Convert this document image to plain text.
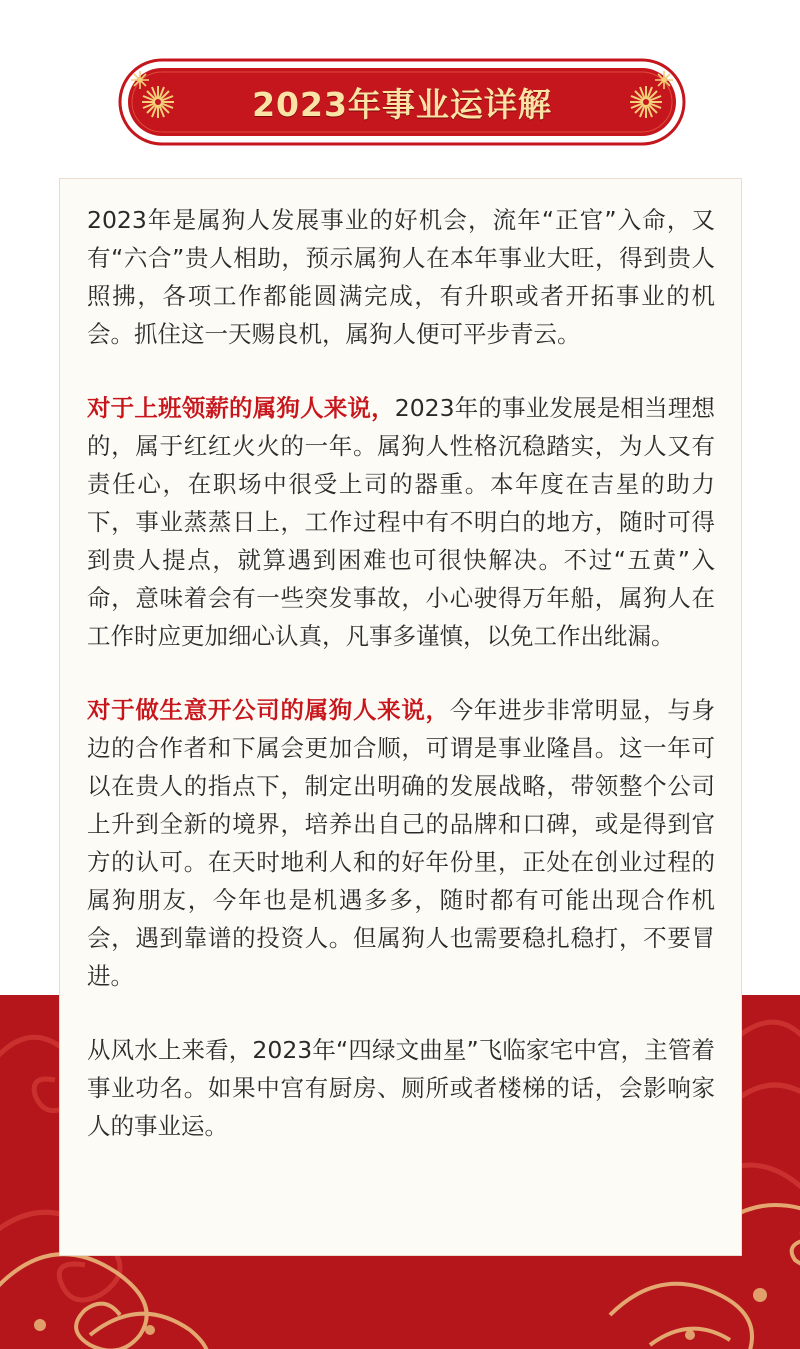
2023年事业运详解

2023年是属狗人发展事业的好机会，流年“正官”入命，又有“六合”贵人相助，预示属狗人在本年事业大旺，得到贵人照拂，各项工作都能圆满完成，有升职或者开拓事业的机会。抓住这一天赐良机，属狗人便可平步青云。

对于上班领薪的属狗人来说，2023年的事业发展是相当理想的，属于红红火火的一年。属狗人性格沉稳踏实，为人又有责任心，在职场中很受上司的器重。本年度在吉星的助力下，事业蒸蒸日上，工作过程中有不明白的地方，随时可得到贵人提点，就算遇到困难也可很快解决。不过“五黄”入命，意味着会有一些突发事故，小心驶得万年船，属狗人在工作时应更加细心认真，凡事多谨慎，以免工作出纰漏。

对于做生意开公司的属狗人来说，今年进步非常明显，与身边的合作者和下属会更加合顺，可谓是事业隆昌。这一年可以在贵人的指点下，制定出明确的发展战略，带领整个公司上升到全新的境界，培养出自己的品牌和口碑，或是得到官方的认可。在天时地利人和的好年份里，正处在创业过程的属狗朋友，今年也是机遇多多，随时都有可能出现合作机会，遇到靠谱的投资人。但属狗人也需要稳扎稳打，不要冒进。

从风水上来看，2023年“四绿文曲星”飞临家宅中宫，主管着事业功名。如果中宫有厨房、厕所或者楼梯的话，会影响家人的事业运。
